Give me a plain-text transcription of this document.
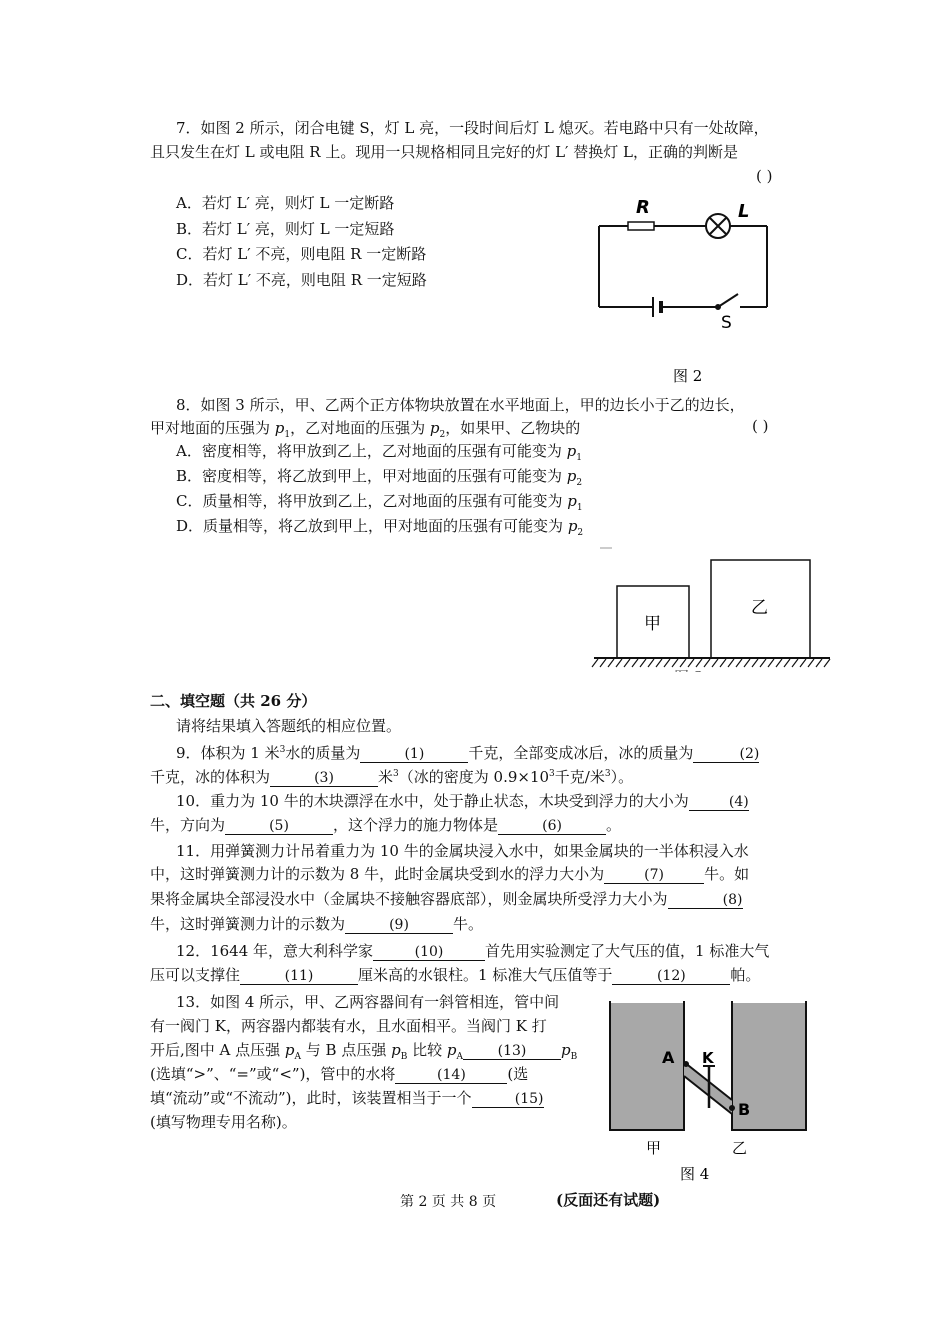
7．如图 2 所示，闭合电键 S，灯 L 亮，一段时间后灯 L 熄灭。若电路中只有一处故障，
且只发生在灯 L 或电阻 R 上。现用一只规格相同且完好的灯 L′ 替换灯 L，正确的判断是
( )
A．若灯 L′ 亮，则灯 L 一定断路
B．若灯 L′ 亮，则灯 L 一定短路
C．若灯 L′ 不亮，则电阻 R 一定断路
D．若灯 L′ 不亮，则电阻 R 一定短路
R	L
S
图 2
8．如图 3 所示，甲、乙两个正方体物块放置在水平地面上，甲的边长小于乙的边长，
甲对地面的压强为 $p_1$，乙对地面的压强为 $p_2$，如果甲、乙物块的	( )
A．密度相等，将甲放到乙上，乙对地面的压强有可能变为 $p_1$
B．密度相等，将乙放到甲上，甲对地面的压强有可能变为 $p_2$
C．质量相等，将甲放到乙上，乙对地面的压强有可能变为 $p_1$
D．质量相等，将乙放到甲上，甲对地面的压强有可能变为 $p_2$
甲
乙
二、填空题（共 26 分）
请将结果填入答题纸的相应位置。
9．体积为 1 米$^3$水的质量为	(1)	千克，全部变成冰后，冰的质量为	(2)
千克，冰的体积为	(3)	米$^3$（冰的密度为 $0.9\times 10^3$千克/米$^3$）。
10．重力为 10 牛的木块漂浮在水中，处于静止状态，木块受到浮力的大小为	(4)
牛，方向为	(5)	，这个浮力的施力物体是	(6)	。
11．用弹簧测力计吊着重力为 10 牛的金属块浸入水中，如果金属块的一半体积浸入水
中，这时弹簧测力计的示数为 8 牛，此时金属块受到水的浮力大小为	(7)	牛。如
果将金属块全部浸没水中（金属块不接触容器底部），则金属块所受浮力大小为	(8)
牛，这时弹簧测力计的示数为	(9)	牛。
12．1644 年，意大利科学家	(10)	首先用实验测定了大气压的值，1 标准大气
压可以支撑住	(11)	厘米高的水银柱。1 标准大气压值等于	(12)	帕。
13．如图 4 所示，甲、乙两容器间有一斜管相连，管中间
有一阀门 K，两容器内都装有水，且水面相平。当阀门 K 打
开后,图中 A 点压强 $p_A$ 与 B 点压强 $p_B$ 比较 $p_A$ (13) $p_B$
(选填“>”、“=”或“<”)，管中的水将	(14)	(选
填“流动”或“不流动”)，此时，该装置相当于一个	(15)
(填写物理专用名称)。
A K
B
甲	乙
图 4
第 2 页 共 8 页	(反面还有试题)
